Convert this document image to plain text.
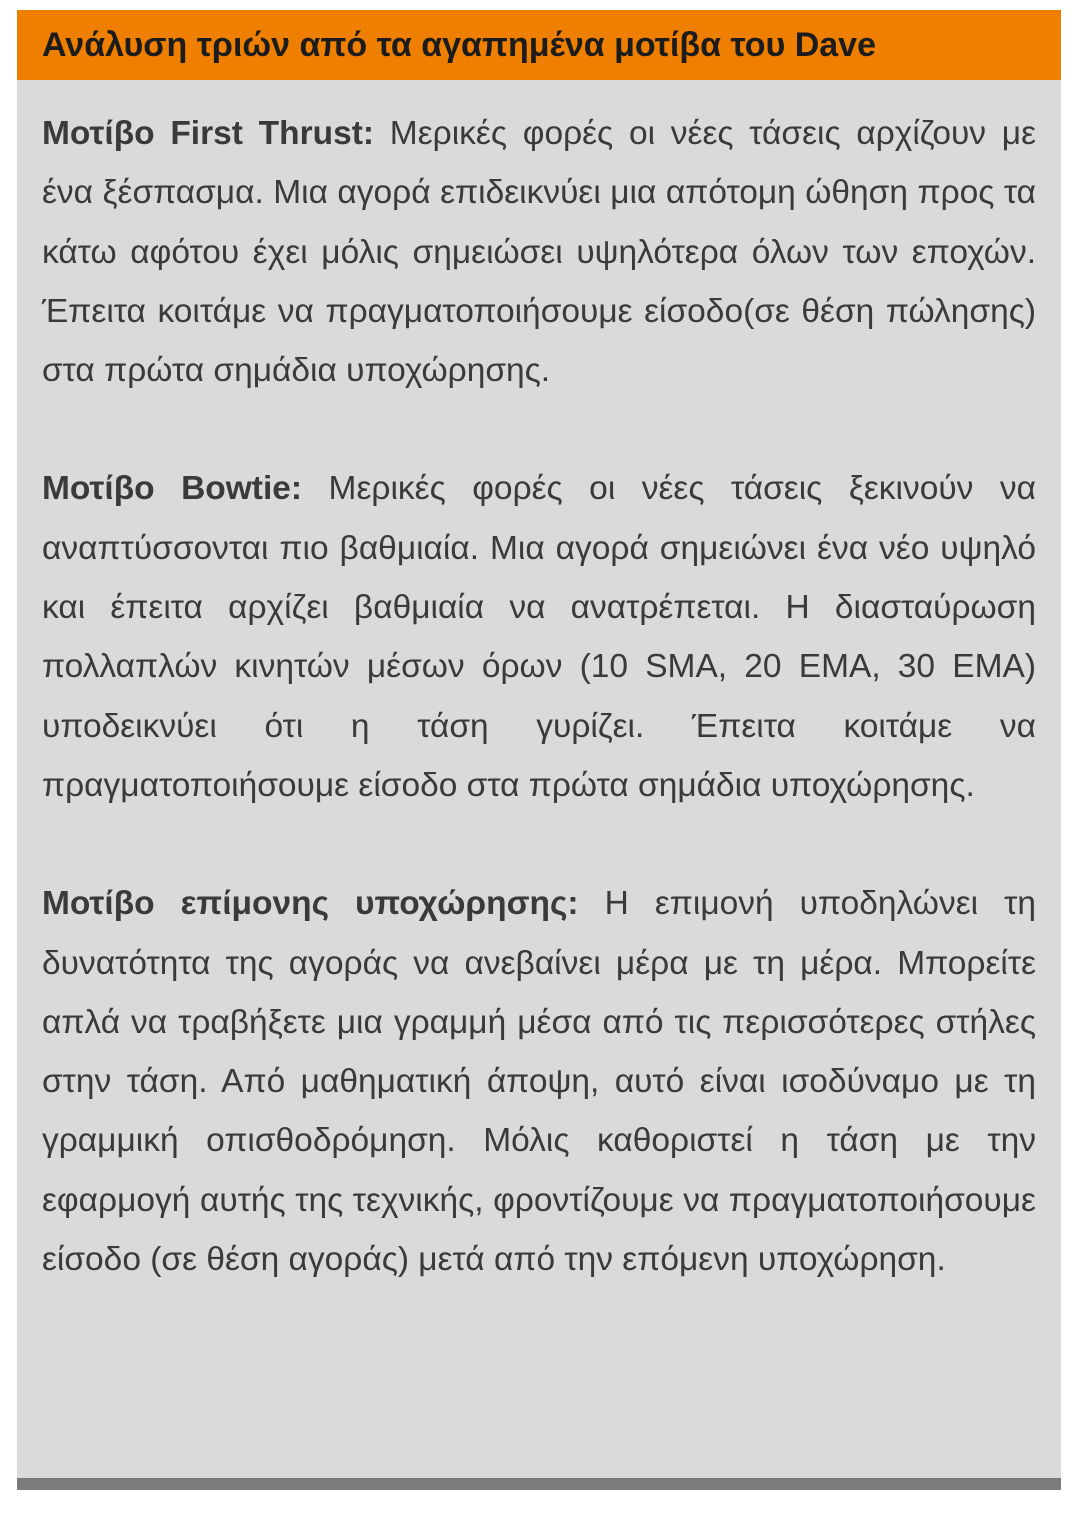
Ανάλυση τριών από τα αγαπημένα μοτίβα του Dave

Μοτίβο First Thrust: Μερικές φορές οι νέες τάσεις αρχίζουν με ένα ξέσπασμα. Μια αγορά επιδεικνύει μια απότομη ώθηση προς τα κάτω αφότου έχει μόλις σημειώσει υψηλότερα όλων των εποχών. Έπειτα κοιτάμε να πραγματοποιήσουμε είσοδο(σε θέση πώλησης) στα πρώτα σημάδια υποχώρησης.

Μοτίβο Bowtie: Μερικές φορές οι νέες τάσεις ξεκινούν να αναπτύσσονται πιο βαθμιαία. Μια αγορά σημειώνει ένα νέο υψηλό και έπειτα αρχίζει βαθμιαία να ανατρέπεται. Η διασταύρωση πολλαπλών κινητών μέσων όρων (10 SMA, 20 EMA, 30 EMA) υποδεικνύει ότι η τάση γυρίζει. Έπειτα κοιτάμε να πραγματοποιήσουμε είσοδο στα πρώτα σημάδια υποχώρησης.

Μοτίβο επίμονης υποχώρησης: Η επιμονή υποδηλώνει τη δυνατότητα της αγοράς να ανεβαίνει μέρα με τη μέρα. Μπορείτε απλά να τραβήξετε μια γραμμή μέσα από τις περισσότερες στήλες στην τάση. Από μαθηματική άποψη, αυτό είναι ισοδύναμο με τη γραμμική οπισθοδρόμηση. Μόλις καθοριστεί η τάση με την εφαρμογή αυτής της τεχνικής, φροντίζουμε να πραγματοποιήσουμε είσοδο (σε θέση αγοράς) μετά από την επόμενη υποχώρηση.
